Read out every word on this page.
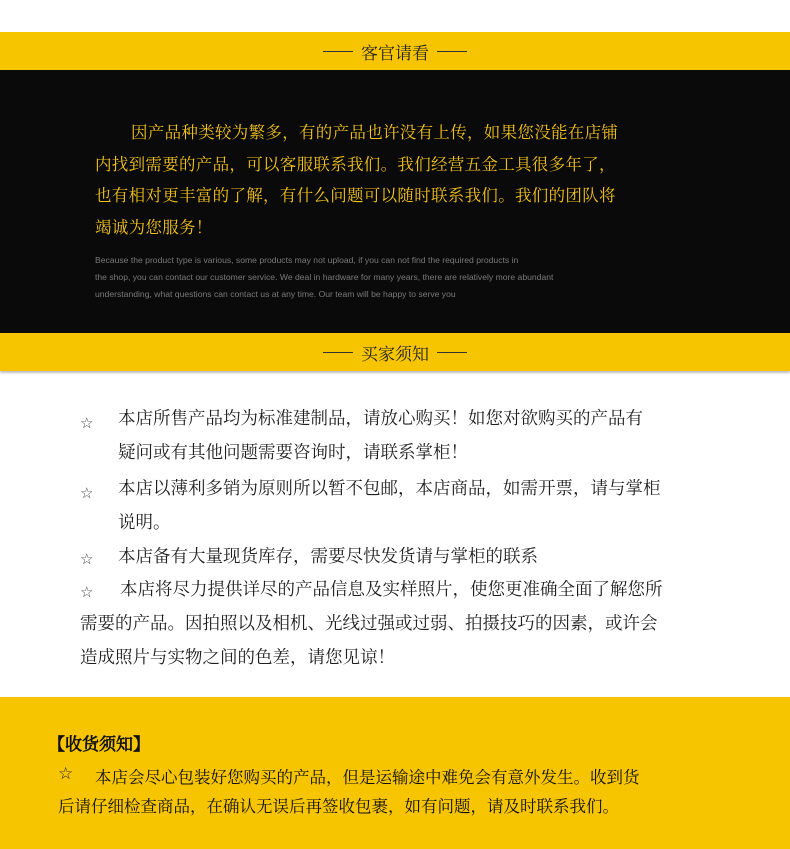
客官请看

因产品种类较为繁多，有的产品也许没有上传，如果您没能在店铺
内找到需要的产品，可以客服联系我们。我们经营五金工具很多年了，
也有相对更丰富的了解，有什么问题可以随时联系我们。我们的团队将
竭诚为您服务！

Because the product type is various, some products may not upload, if you can not find the required products in
the shop, you can contact our customer service. We deal in hardware for many years, there are relatively more abundant
understanding, what questions can contact us at any time. Our team will be happy to serve you

买家须知
☆ 本店所售产品均为标准建制品，请放心购买！如您对欲购买的产品有
疑问或有其他问题需要咨询时，请联系掌柜！
☆ 本店以薄利多销为原则所以暂不包邮，本店商品，如需开票，请与掌柜
说明。
☆ 本店备有大量现货库存，需要尽快发货请与掌柜的联系
☆	本店将尽力提供详尽的产品信息及实样照片，使您更准确全面了解您所
需要的产品。因拍照以及相机、光线过强或过弱、拍摄技巧的因素，或许会
造成照片与实物之间的色差，请您见谅！

【收货须知】

☆	本店会尽心包装好您购买的产品，但是运输途中难免会有意外发生。收到货
后请仔细检查商品，在确认无误后再签收包裹，如有问题，请及时联系我们。
